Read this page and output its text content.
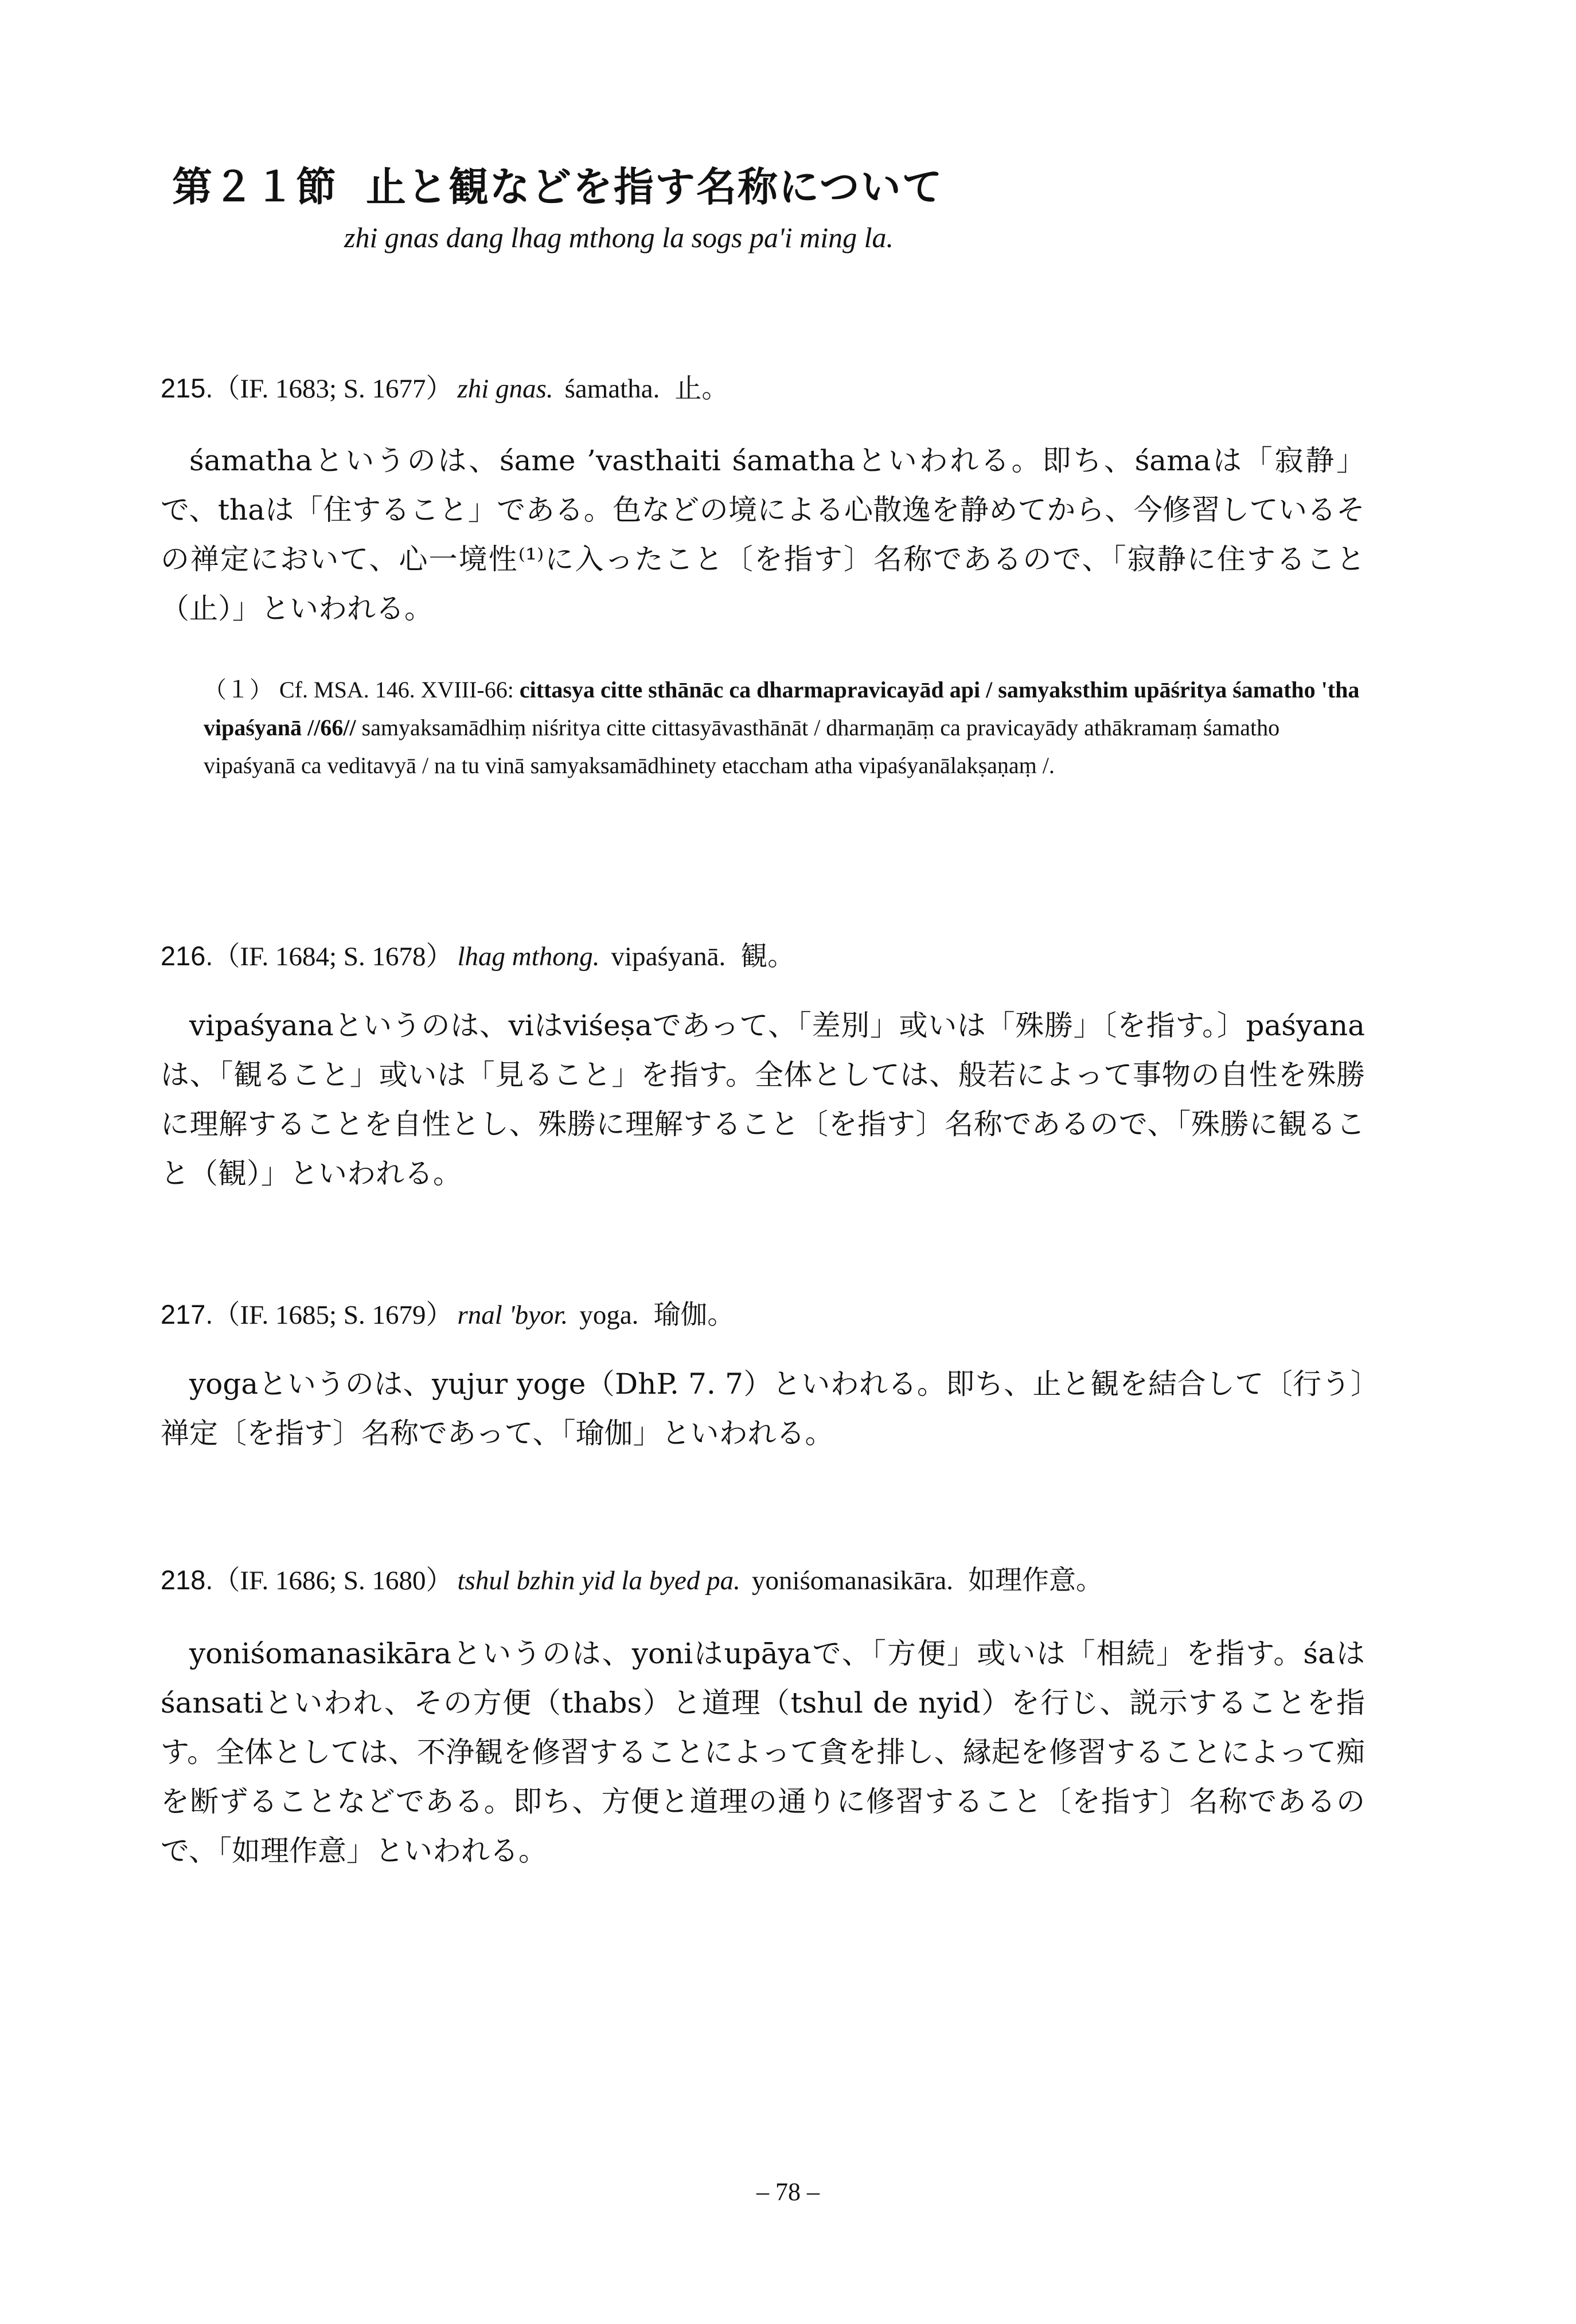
第２１節 止と観などを指す名称について
zhi gnas dang lhag mthong la sogs pa'i ming la.
215.（IF. 1683; S. 1677） zhi gnas. śamatha. 止。

śamathaというのは、śame ’vasthaiti śamathaといわれる。即ち、śamaは「寂静」で、thaは「住すること」である。色などの境による心散逸を静めてから、今修習しているその禅定において、心一境性⁽¹⁾に入ったこと〔を指す〕名称であるので、「寂静に住すること（止）」といわれる。

（１） Cf. MSA. 146. XVIII-66: cittasya citte sthānāc ca dharmapravicayād api / samyaksthim upāśritya śamatho 'tha vipaśyanā //66// samyaksamādhiṃ niśritya citte cittasyāvasthānāt / dharmaṇāṃ ca pravicayādy athākramaṃ śamatho vipaśyanā ca veditavyā / na tu vinā samyaksamādhinety etaccham atha vipaśyanālakṣaṇaṃ /.

216.（IF. 1684; S. 1678） lhag mthong. vipaśyanā. 観。

vipaśyanaというのは、viはviśeṣaであって、「差別」或いは「殊勝」〔を指す。〕paśyanaは、「観ること」或いは「見ること」を指す。全体としては、般若によって事物の自性を殊勝に理解することを自性とし、殊勝に理解すること〔を指す〕名称であるので、「殊勝に観ること（観）」といわれる。

217.（IF. 1685; S. 1679） rnal 'byor. yoga. 瑜伽。

yogaというのは、yujur yoge（DhP. 7. 7）といわれる。即ち、止と観を結合して〔行う〕禅定〔を指す〕名称であって、「瑜伽」といわれる。

218.（IF. 1686; S. 1680） tshul bzhin yid la byed pa. yoniśomanasikāra. 如理作意。

yoniśomanasikāraというのは、yoniはupāyaで、「方便」或いは「相続」を指す。śaはśansatiといわれ、その方便（thabs）と道理（tshul de nyid）を行じ、説示することを指す。全体としては、不浄観を修習することによって貪を排し、縁起を修習することによって痴を断ずることなどである。即ち、方便と道理の通りに修習すること〔を指す〕名称であるので、「如理作意」といわれる。

– 78 –
